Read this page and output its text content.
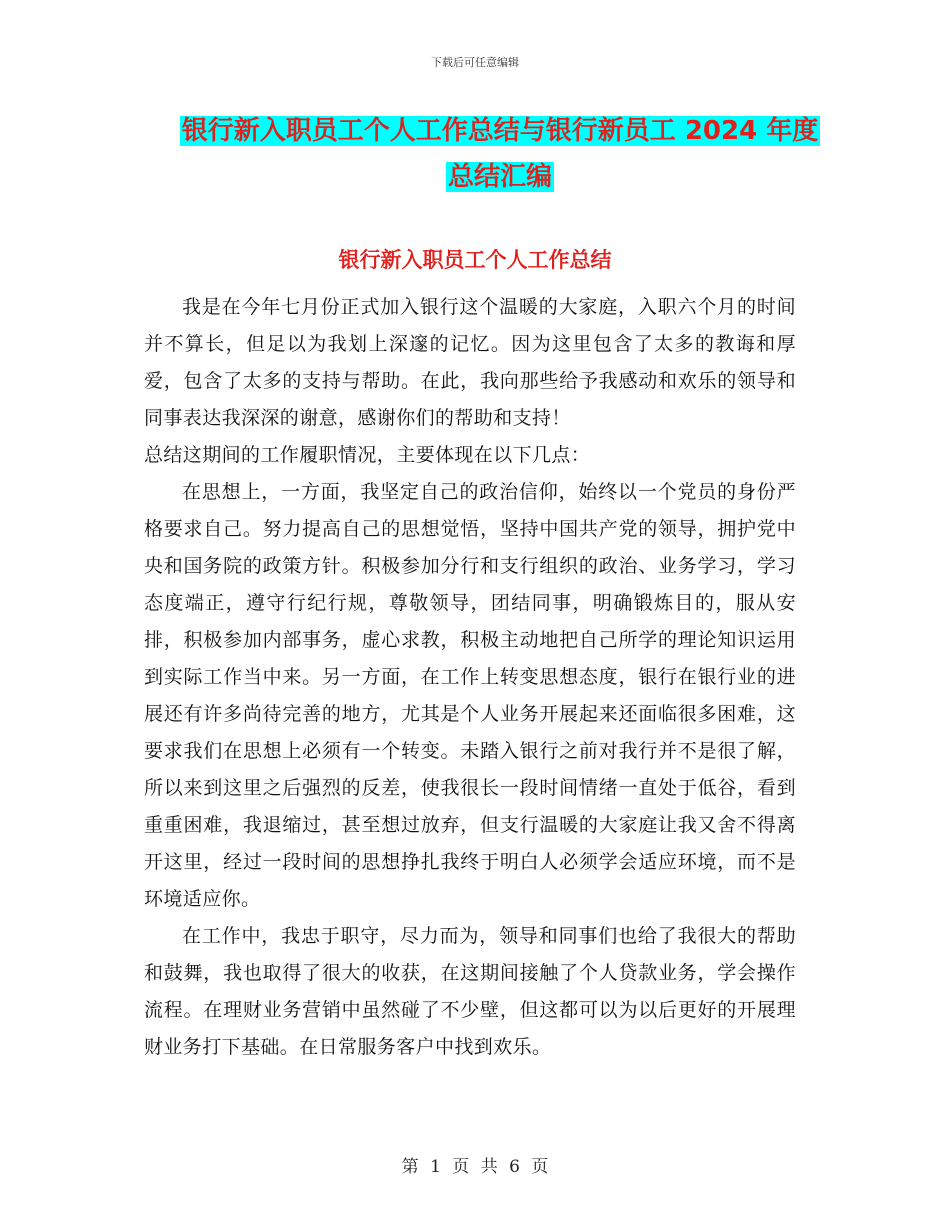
下载后可任意编辑
银行新入职员工个人工作总结与银行新员工 2024 年度
总结汇编
银行新入职员工个人工作总结

我是在今年七月份正式加入银行这个温暖的大家庭，入职六个月的时间并不算长，但足以为我划上深邃的记忆。因为这里包含了太多的教诲和厚爱，包含了太多的支持与帮助。在此，我向那些给予我感动和欢乐的领导和同事表达我深深的谢意，感谢你们的帮助和支持！

总结这期间的工作履职情况，主要体现在以下几点：

在思想上，一方面，我坚定自己的政治信仰，始终以一个党员的身份严格要求自己。努力提高自己的思想觉悟，坚持中国共产党的领导，拥护党中央和国务院的政策方针。积极参加分行和支行组织的政治、业务学习，学习态度端正，遵守行纪行规，尊敬领导，团结同事，明确锻炼目的，服从安排，积极参加内部事务，虚心求教，积极主动地把自己所学的理论知识运用到实际工作当中来。另一方面，在工作上转变思想态度，银行在银行业的进展还有许多尚待完善的地方，尤其是个人业务开展起来还面临很多困难，这要求我们在思想上必须有一个转变。未踏入银行之前对我行并不是很了解，所以来到这里之后强烈的反差，使我很长一段时间情绪一直处于低谷，看到重重困难，我退缩过，甚至想过放弃，但支行温暖的大家庭让我又舍不得离开这里，经过一段时间的思想挣扎我终于明白人必须学会适应环境，而不是环境适应你。

在工作中，我忠于职守，尽力而为，领导和同事们也给了我很大的帮助和鼓舞，我也取得了很大的收获，在这期间接触了个人贷款业务，学会操作流程。在理财业务营销中虽然碰了不少壁，但这都可以为以后更好的开展理财业务打下基础。在日常服务客户中找到欢乐。

第 1 页 共 6 页
